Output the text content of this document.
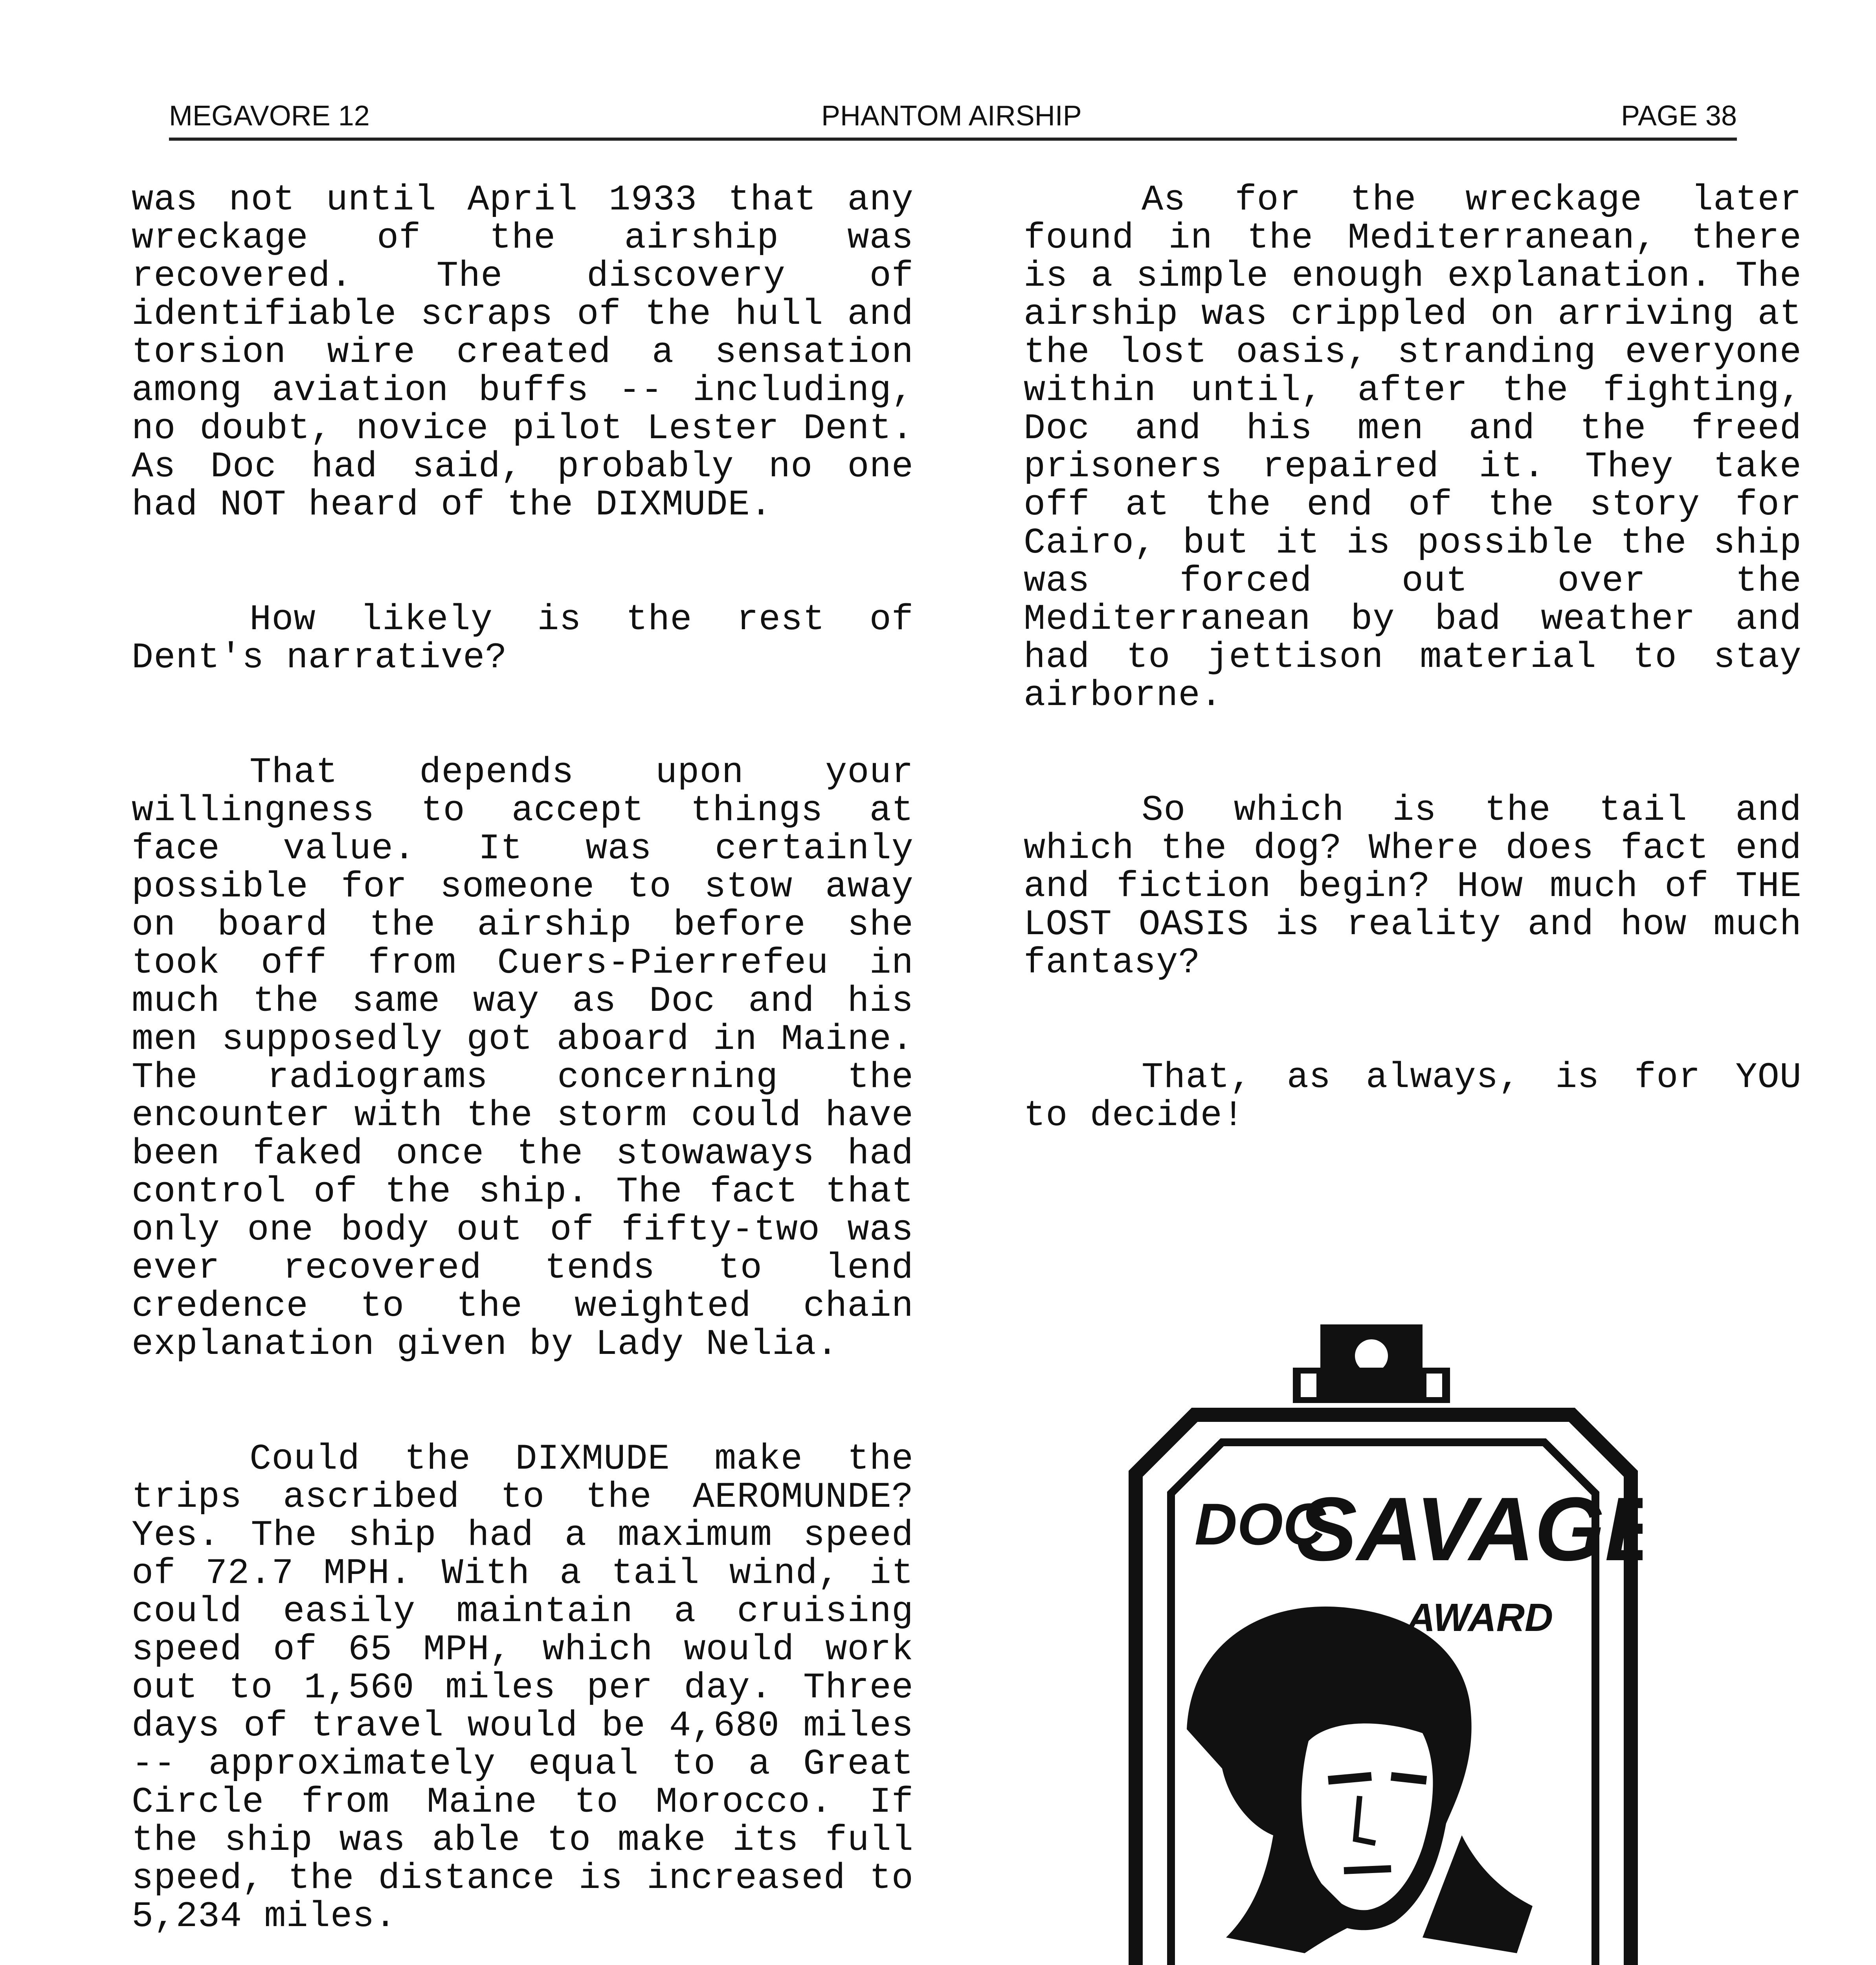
MEGAVORE 12	PHANTOM AIRSHIP	PAGE 38

was not until April 1933 that any wreckage of the airship was recovered. The discovery of identifiable scraps of the hull and torsion wire created a sensation among aviation buffs -- including, no doubt, novice pilot Lester Dent. As Doc had said, probably no one had NOT heard of the DIXMUDE.

How likely is the rest of Dent's narrative?

That depends upon your willingness to accept things at face value. It was certainly possible for someone to stow away on board the airship before she took off from Cuers-Pierrefeu in much the same way as Doc and his men supposedly got aboard in Maine. The radiograms concerning the encounter with the storm could have been faked once the stowaways had control of the ship. The fact that only one body out of fifty-two was ever recovered tends to lend credence to the weighted chain explanation given by Lady Nelia.

Could the DIXMUDE make the trips ascribed to the AEROMUNDE? Yes. The ship had a maximum speed of 72.7 MPH. With a tail wind, it could easily maintain a cruising speed of 65 MPH, which would work out to 1,560 miles per day. Three days of travel would be 4,680 miles -- approximately equal to a Great Circle from Maine to Morocco. If the ship was able to make its full speed, the distance is increased to 5,234 miles.

As for the wreckage later found in the Mediterranean, there is a simple enough explanation. The airship was crippled on arriving at the lost oasis, stranding everyone within until, after the fighting, Doc and his men and the freed prisoners repaired it. They take off at the end of the story for Cairo, but it is possible the ship was forced out over the Mediterranean by bad weather and had to jettison material to stay airborne.

So which is the tail and which the dog? Where does fact end and fiction begin? How much of THE LOST OASIS is reality and how much fantasy?

That, as always, is for YOU to decide!

DOC
SAVAGE
AWARD
